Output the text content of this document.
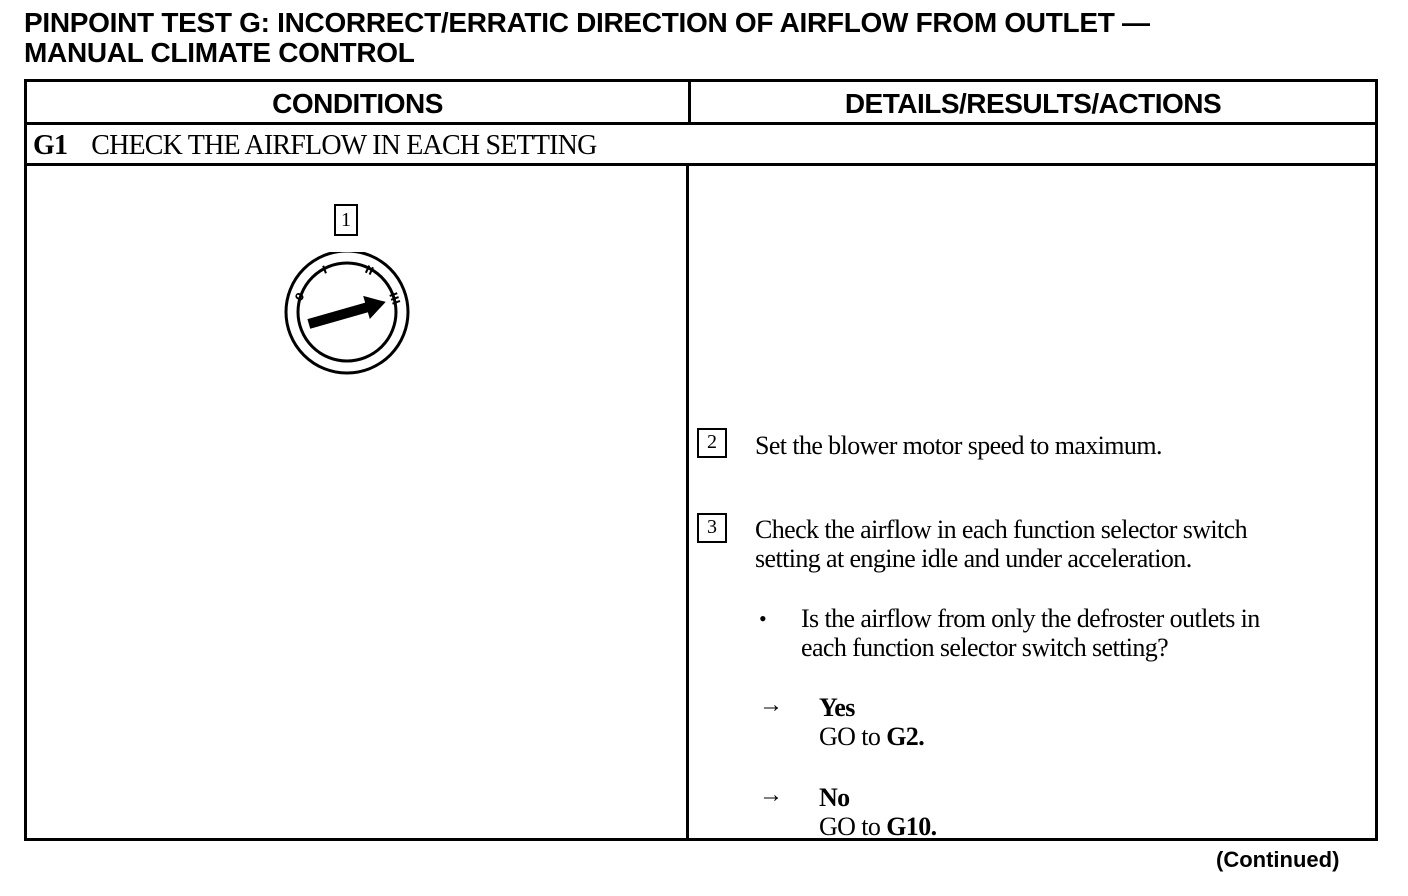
PINPOINT TEST G: INCORRECT/ERRATIC DIRECTION OF AIRFLOW FROM OUTLET —
MANUAL CLIMATE CONTROL
CONDITIONS	DETAILS/RESULTS/ACTIONS
G1 CHECK THE AIRFLOW IN EACH SETTING
1
0
I	II
III
2	Set the blower motor speed to maximum.
3	Check the airflow in each function selector switch
setting at engine idle and under acceleration.
• Is the airflow from only the defroster outlets in
each function selector switch setting?
→ Yes
GO to G2.
→ No
GO to G10.
(Continued)
